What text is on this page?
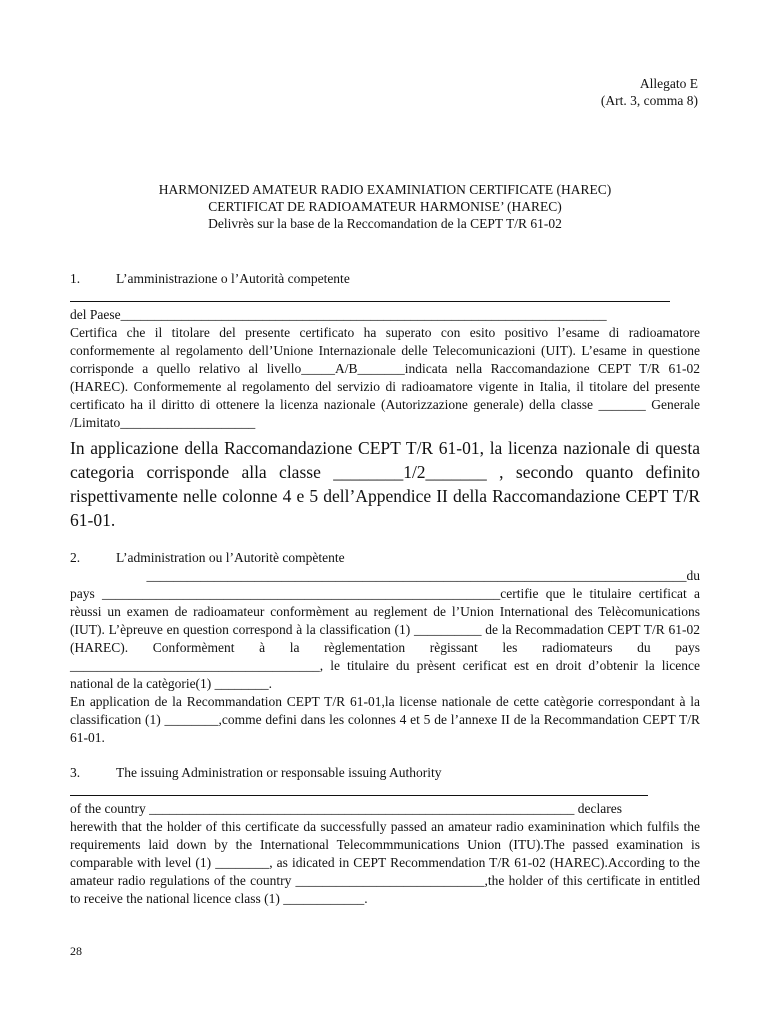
Allegato E
(Art. 3, comma 8)
HARMONIZED AMATEUR RADIO EXAMINIATION CERTIFICATE (HAREC)
CERTIFICAT DE RADIOAMATEUR HARMONISE’ (HAREC)
Delivrès sur la base de la Reccomandation de la CEPT T/R 61-02

1.	L’amministrazione o l’Autorità competente

del Paese________________________________________________________________________

Certifica che il titolare del presente certificato ha superato con esito positivo l’esame di radioamatore conformemente al regolamento dell’Unione Internazionale delle Telecomunicazioni (UIT). L’esame in questione corrisponde a quello relativo al livello_____A/B_______indicata nella Raccomandazione CEPT T/R 61-02 (HAREC). Conformemente al regolamento del servizio di radioamatore vigente in Italia, il titolare del presente certificato ha il diritto di ottenere la licenza nazionale (Autorizzazione generale) della classe _______ Generale /Limitato____________________

In applicazione della Raccomandazione CEPT T/R 61-01, la licenza nazionale di questa categoria corrisponde alla classe ________1/2_______ , secondo quanto definito rispettivamente nelle colonne 4 e 5 dell’Appendice II della Raccomandazione CEPT T/R 61-01.

2.	L’administration ou l’Autoritè compètente

________________________________________________________________________________du

pays ___________________________________________________________certifie que le titulaire certificat a rèussi un examen de radioamateur conformèment au reglement de l’Union International des Telècomunications (IUT). L’èpreuve en question correspond à la classification (1) __________ de la Recommadation CEPT T/R 61-02 (HAREC). Conformèment à la règlementation règissant les radiomateurs du pays _____________________________________, le titulaire du prèsent cerificat est en droit d’obtenir la licence national de la catègorie(1) ________.

En application de la Recommandation CEPT T/R 61-01,la license nationale de cette catègorie correspondant à la classification (1) ________,comme defini dans les colonnes 4 et 5 de l’annexe II de la Recommandation CEPT T/R 61-01.

3.	The issuing Administration or responsable issuing Authority

of the country _______________________________________________________________ declares

herewith that the holder of this certificate da successfully passed an amateur radio examinination which fulfils the requirements laid down by the International Telecommmunications Union (ITU).The passed examination is comparable with level (1) ________, as idicated in CEPT Recommendation T/R 61-02 (HAREC).According to the amateur radio regulations of the country ____________________________,the holder of this certificate in entitled to receive the national licence class (1) ____________.

28
